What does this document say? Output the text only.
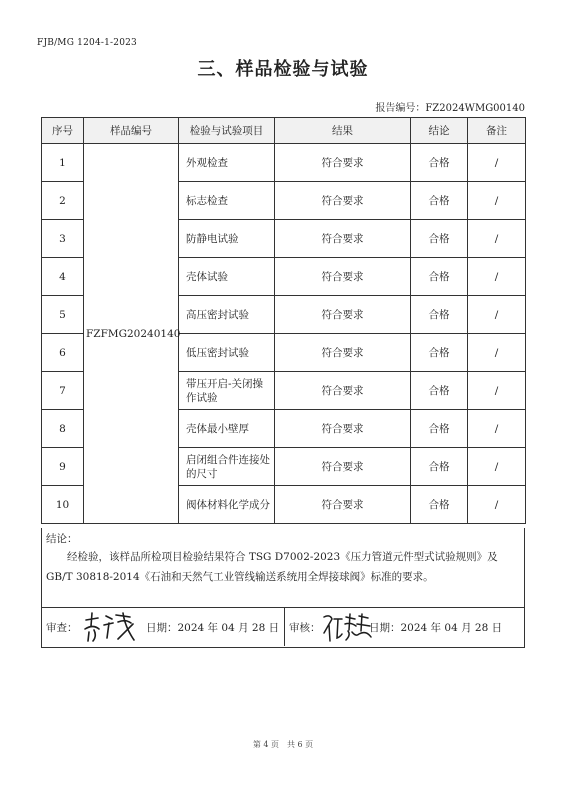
FJB/MG 1204-1-2023
三、样品检验与试验
报告编号：FZ2024WMG00140
序号	样品编号	检验与试验项目	结果	结论	备注
1	FZFMG20240140	外观检查	符合要求	合格	/
2		标志检查	符合要求	合格	/
3		防静电试验	符合要求	合格	/
4		壳体试验	符合要求	合格	/
5		高压密封试验	符合要求	合格	/
6		低压密封试验	符合要求	合格	/
7		带压开启-关闭操作试验	符合要求	合格	/
8		壳体最小壁厚	符合要求	合格	/
9		启闭组合件连接处的尺寸	符合要求	合格	/
10		阀体材料化学成分	符合要求	合格	/
结论：
经检验，该样品所检项目检验结果符合 TSG D7002-2023《压力管道元件型式试验规则》及 GB/T 30818-2014《石油和天然气工业管线输送系统用全焊接球阀》标准的要求。
审查：	日期：2024 年 04 月 28 日 审核：	日期：2024 年 04 月 28 日
第 4 页　共 6 页
